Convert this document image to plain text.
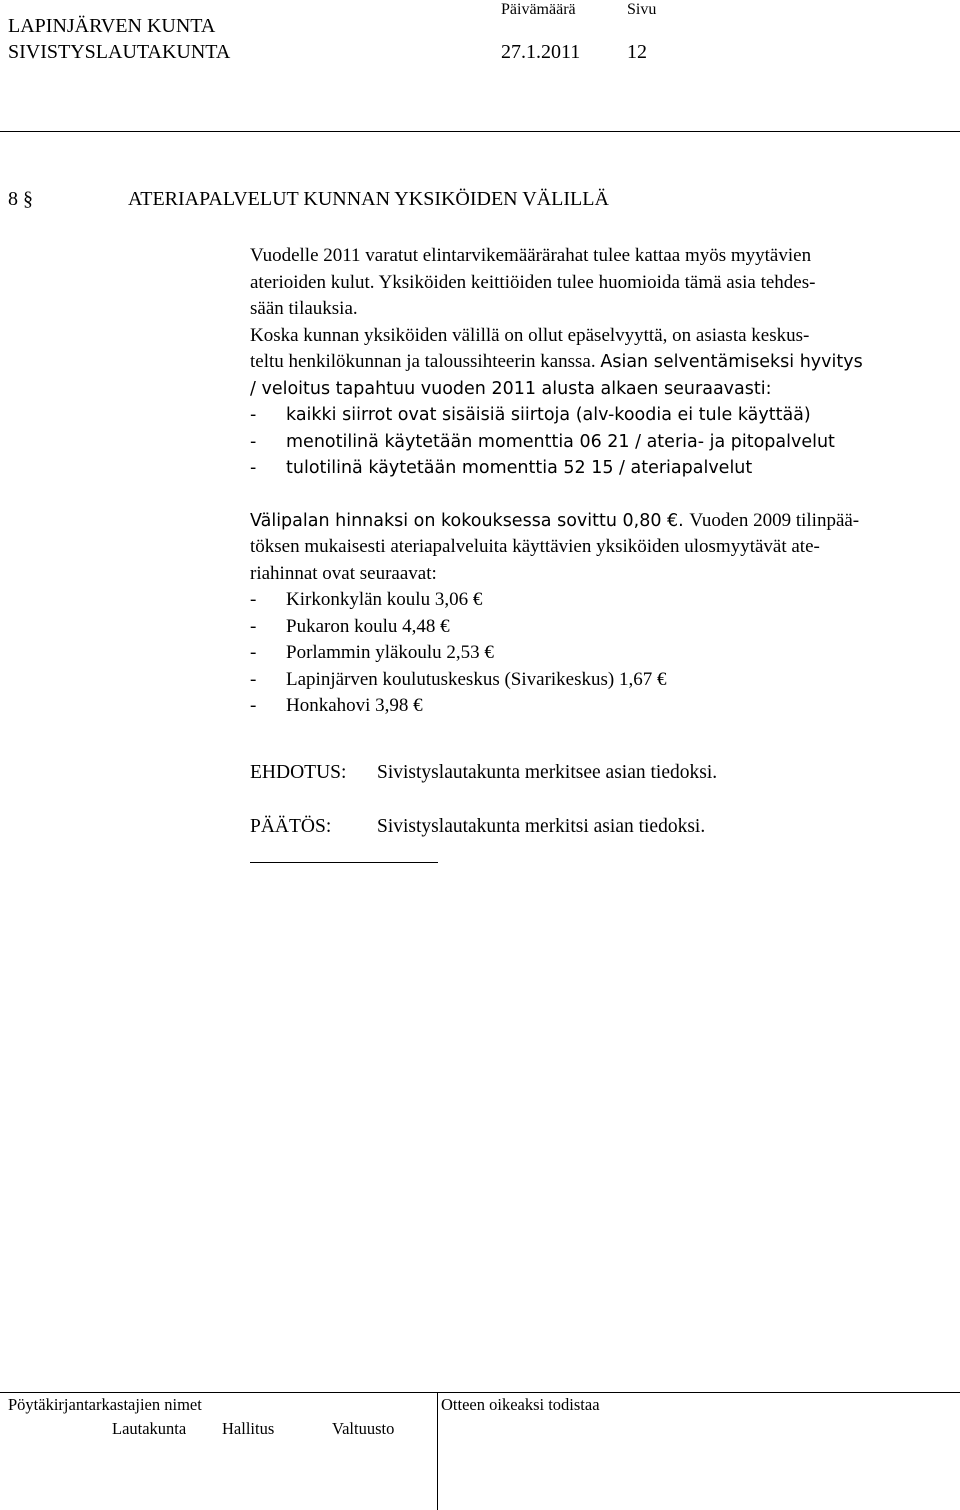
LAPINJÄRVEN KUNTA
SIVISTYSLAUTAKUNTA
Päivämäärä
27.1.2011
Sivu
12
8 §	ATERIAPALVELUT KUNNAN YKSIKÖIDEN VÄLILLÄ

Vuodelle 2011 varatut elintarvikemäärärahat tulee kattaa myös myytävien

aterioiden kulut. Yksiköiden keittiöiden tulee huomioida tämä asia tehdes-

sään tilauksia.

Koska kunnan yksiköiden välillä on ollut epäselvyyttä, on asiasta keskus-

teltu henkilökunnan ja taloussihteerin kanssa. Asian selventämiseksi hyvitys

/ veloitus tapahtuu vuoden 2011 alusta alkaen seuraavasti:

- kaikki siirrot ovat sisäisiä siirtoja (alv-koodia ei tule käyttää)

- menotilinä käytetään momenttia 06 21 / ateria- ja pitopalvelut

- tulotilinä käytetään momenttia 52 15 / ateriapalvelut

Välipalan hinnaksi on kokouksessa sovittu 0,80 €. Vuoden 2009 tilinpää-

töksen mukaisesti ateriapalveluita käyttävien yksiköiden ulosmyytävät ate-

riahinnat ovat seuraavat:

- Kirkonkylän koulu 3,06 €

- Pukaron koulu 4,48 €

- Porlammin yläkoulu 2,53 €

- Lapinjärven koulutuskeskus (Sivarikeskus) 1,67 €

- Honkahovi 3,98 €

EHDOTUS: Sivistyslautakunta merkitsee asian tiedoksi.
PÄÄTÖS: Sivistyslautakunta merkitsi asian tiedoksi.
Pöytäkirjantarkastajien nimet	Otteen oikeaksi todistaa
Lautakunta Hallitus	Valtuusto
